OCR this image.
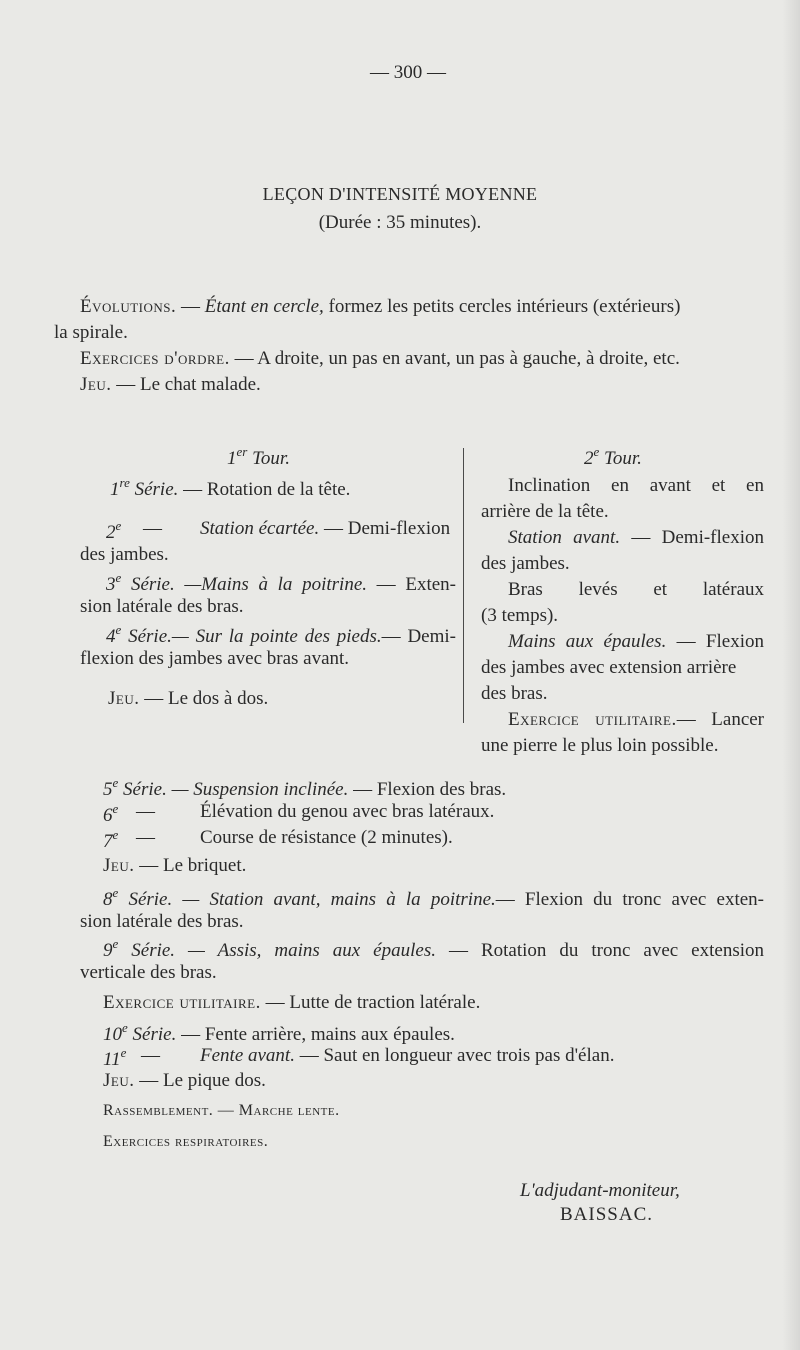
— 300 —
LEÇON D'INTENSITÉ MOYENNE
(Durée : 35 minutes).
Évolutions. — Étant en cercle, formez les petits cercles intérieurs (extérieurs)
la spirale.
Exercices d'ordre. — A droite, un pas en avant, un pas à gauche, à droite, etc.
Jeu. — Le chat malade.
1er Tour.
1re Série. — Rotation de la tête.
2e — Station écartée. — Demi-flexion
des jambes.
3e Série. —Mains à la poitrine. — Exten-
sion latérale des bras.
4e Série.— Sur la pointe des pieds.— Demi-
flexion des jambes avec bras avant.
Jeu. — Le dos à dos.
2e Tour.
Inclination en avant et en
arrière de la tête.
Station avant. — Demi-flexion
des jambes.
Bras levés et latéraux
(3 temps).
Mains aux épaules. — Flexion
des jambes avec extension arrière
des bras.
Exercice utilitaire.— Lancer
une pierre le plus loin possible.
5e Série. — Suspension inclinée. — Flexion des bras.
6e — Élévation du genou avec bras latéraux.
7e — Course de résistance (2 minutes).
Jeu. — Le briquet.
8e Série. — Station avant, mains à la poitrine.— Flexion du tronc avec exten-
sion latérale des bras.
9e Série. — Assis, mains aux épaules. — Rotation du tronc avec extension
verticale des bras.
Exercice utilitaire. — Lutte de traction latérale.
10e Série. — Fente arrière, mains aux épaules.
11e — Fente avant. — Saut en longueur avec trois pas d'élan.
Jeu. — Le pique dos.
Rassemblement. — Marche lente.
Exercices respiratoires.
L'adjudant-moniteur,
BAISSAC.
